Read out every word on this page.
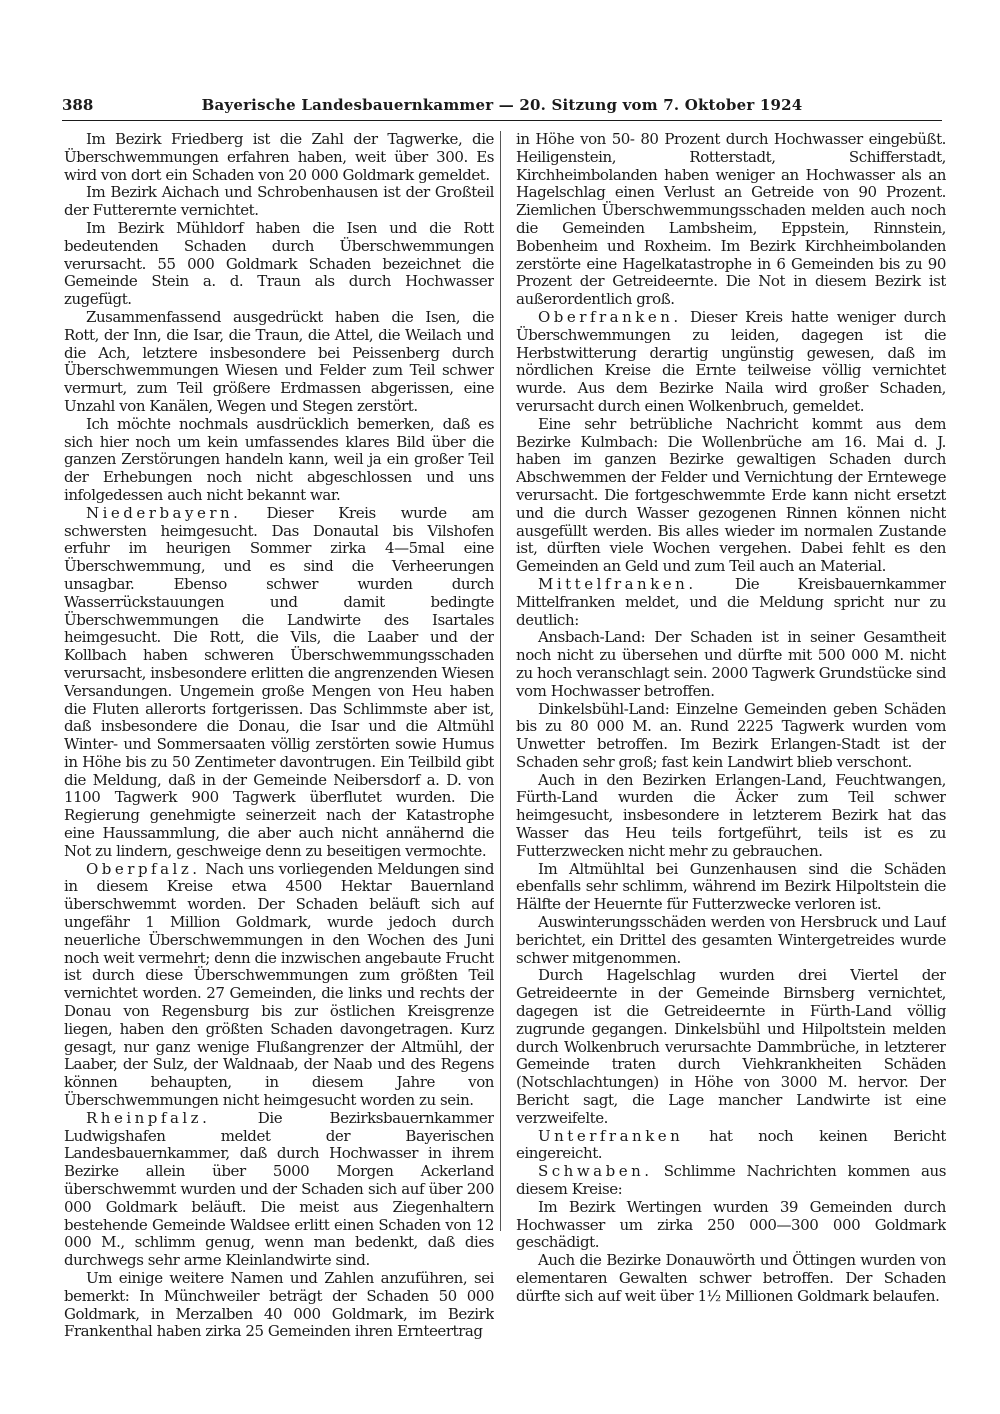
388	Bayerische Landesbauernkammer — 20. Sitzung vom 7. Oktober 1924

Im Bezirk Friedberg ist die Zahl der Tagwerke, die Überschwemmungen erfahren haben, weit über 300. Es wird von dort ein Schaden von 20 000 Goldmark gemeldet.

Im Bezirk Aichach und Schrobenhausen ist der Großteil der Futterernte vernichtet.

Im Bezirk Mühldorf haben die Isen und die Rott bedeutenden Schaden durch Überschwemmungen verursacht. 55 000 Goldmark Schaden bezeichnet die Gemeinde Stein a. d. Traun als durch Hochwasser zugefügt.

Zusammenfassend ausgedrückt haben die Isen, die Rott, der Inn, die Isar, die Traun, die Attel, die Weilach und die Ach, letztere insbesondere bei Peissenberg durch Überschwemmungen Wiesen und Felder zum Teil schwer vermurt, zum Teil größere Erdmassen abgerissen, eine Unzahl von Kanälen, Wegen und Stegen zerstört.

Ich möchte nochmals ausdrücklich bemerken, daß es sich hier noch um kein umfassendes klares Bild über die ganzen Zerstörungen handeln kann, weil ja ein großer Teil der Erhebungen noch nicht abgeschlossen und uns infolgedessen auch nicht bekannt war.

Niederbayern. Dieser Kreis wurde am schwersten heimgesucht. Das Donautal bis Vilshofen erfuhr im heurigen Sommer zirka 4—5mal eine Überschwemmung, und es sind die Verheerungen unsagbar. Ebenso schwer wurden durch Wasserrückstauungen und damit bedingte Überschwemmungen die Landwirte des Isartales heimgesucht. Die Rott, die Vils, die Laaber und der Kollbach haben schweren Überschwemmungsschaden verursacht, insbesondere erlitten die angrenzenden Wiesen Versandungen. Ungemein große Mengen von Heu haben die Fluten allerorts fortgerissen. Das Schlimmste aber ist, daß insbesondere die Donau, die Isar und die Altmühl Winter- und Sommersaaten völlig zerstörten sowie Humus in Höhe bis zu 50 Zentimeter davontrugen. Ein Teilbild gibt die Meldung, daß in der Gemeinde Neibersdorf a. D. von 1100 Tagwerk 900 Tagwerk überflutet wurden. Die Regierung genehmigte seinerzeit nach der Katastrophe eine Haussammlung, die aber auch nicht annähernd die Not zu lindern, geschweige denn zu beseitigen vermochte.

Oberpfalz. Nach uns vorliegenden Meldungen sind in diesem Kreise etwa 4500 Hektar Bauernland überschwemmt worden. Der Schaden beläuft sich auf ungefähr 1 Million Goldmark, wurde jedoch durch neuerliche Überschwemmungen in den Wochen des Juni noch weit vermehrt; denn die inzwischen angebaute Frucht ist durch diese Überschwemmungen zum größten Teil vernichtet worden. 27 Gemeinden, die links und rechts der Donau von Regensburg bis zur östlichen Kreisgrenze liegen, haben den größten Schaden davongetragen. Kurz gesagt, nur ganz wenige Flußangrenzer der Altmühl, der Laaber, der Sulz, der Waldnaab, der Naab und des Regens können behaupten, in diesem Jahre von Überschwemmungen nicht heimgesucht worden zu sein.

Rheinpfalz. Die Bezirksbauernkammer Ludwigshafen meldet der Bayerischen Landesbauernkammer, daß durch Hochwasser in ihrem Bezirke allein über 5000 Morgen Ackerland überschwemmt wurden und der Schaden sich auf über 200 000 Goldmark beläuft. Die meist aus Ziegenhaltern bestehende Gemeinde Waldsee erlitt einen Schaden von 12 000 M., schlimm genug, wenn man bedenkt, daß dies durchwegs sehr arme Kleinlandwirte sind.

Um einige weitere Namen und Zahlen anzuführen, sei bemerkt: In Münchweiler beträgt der Schaden 50 000 Goldmark, in Merzalben 40 000 Goldmark, im Bezirk Frankenthal haben zirka 25 Gemeinden ihren Ernteertrag

in Höhe von 50- 80 Prozent durch Hochwasser eingebüßt. Heiligenstein, Rotterstadt, Schifferstadt, Kirchheimbolanden haben weniger an Hochwasser als an Hagelschlag einen Verlust an Getreide von 90 Prozent. Ziemlichen Überschwemmungsschaden melden auch noch die Gemeinden Lambsheim, Eppstein, Rinnstein, Bobenheim und Roxheim. Im Bezirk Kirchheimbolanden zerstörte eine Hagelkatastrophe in 6 Gemeinden bis zu 90 Prozent der Getreideernte. Die Not in diesem Bezirk ist außerordentlich groß.

Oberfranken. Dieser Kreis hatte weniger durch Überschwemmungen zu leiden, dagegen ist die Herbstwitterung derartig ungünstig gewesen, daß im nördlichen Kreise die Ernte teilweise völlig vernichtet wurde. Aus dem Bezirke Naila wird großer Schaden, verursacht durch einen Wolkenbruch, gemeldet.

Eine sehr betrübliche Nachricht kommt aus dem Bezirke Kulmbach: Die Wollenbrüche am 16. Mai d. J. haben im ganzen Bezirke gewaltigen Schaden durch Abschwemmen der Felder und Vernichtung der Erntewege verursacht. Die fortgeschwemmte Erde kann nicht ersetzt und die durch Wasser gezogenen Rinnen können nicht ausgefüllt werden. Bis alles wieder im normalen Zustande ist, dürften viele Wochen vergehen. Dabei fehlt es den Gemeinden an Geld und zum Teil auch an Material.

Mittelfranken. Die Kreisbauernkammer Mittelfranken meldet, und die Meldung spricht nur zu deutlich:

Ansbach-Land: Der Schaden ist in seiner Gesamtheit noch nicht zu übersehen und dürfte mit 500 000 M. nicht zu hoch veranschlagt sein. 2000 Tagwerk Grundstücke sind vom Hochwasser betroffen.

Dinkelsbühl-Land: Einzelne Gemeinden geben Schäden bis zu 80 000 M. an. Rund 2225 Tagwerk wurden vom Unwetter betroffen. Im Bezirk Erlangen-Stadt ist der Schaden sehr groß; fast kein Landwirt blieb verschont.

Auch in den Bezirken Erlangen-Land, Feuchtwangen, Fürth-Land wurden die Äcker zum Teil schwer heimgesucht, insbesondere in letzterem Bezirk hat das Wasser das Heu teils fortgeführt, teils ist es zu Futterzwecken nicht mehr zu gebrauchen.

Im Altmühltal bei Gunzenhausen sind die Schäden ebenfalls sehr schlimm, während im Bezirk Hilpoltstein die Hälfte der Heuernte für Futterzwecke verloren ist.

Auswinterungsschäden werden von Hersbruck und Lauf berichtet, ein Drittel des gesamten Wintergetreides wurde schwer mitgenommen.

Durch Hagelschlag wurden drei Viertel der Getreideernte in der Gemeinde Birnsberg vernichtet, dagegen ist die Getreideernte in Fürth-Land völlig zugrunde gegangen. Dinkelsbühl und Hilpoltstein melden durch Wolkenbruch verursachte Dammbrüche, in letzterer Gemeinde traten durch Viehkrankheiten Schäden (Notschlachtungen) in Höhe von 3000 M. hervor. Der Bericht sagt, die Lage mancher Landwirte ist eine verzweifelte.

Unterfranken hat noch keinen Bericht eingereicht.

Schwaben. Schlimme Nachrichten kommen aus diesem Kreise:

Im Bezirk Wertingen wurden 39 Gemeinden durch Hochwasser um zirka 250 000—300 000 Goldmark geschädigt.

Auch die Bezirke Donauwörth und Öttingen wurden von elementaren Gewalten schwer betroffen. Der Schaden dürfte sich auf weit über 1½ Millionen Goldmark belaufen.
